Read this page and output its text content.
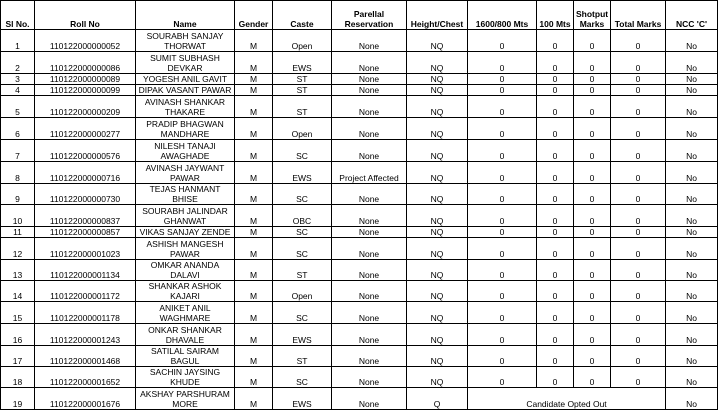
Sl No.	Roll No	Name	Gender	Caste	Parellal Reservation	Height/Chest	1600/800 Mts	100 Mts	Shotput Marks	Total Marks	NCC 'C'
1	110122000000052	SOURABH SANJAY THORWAT	M	Open	None	NQ	0	0	0	0	No
2	110122000000086	SUMIT SUBHASH DEVKAR	M	EWS	None	NQ	0	0	0	0	No
3	110122000000089	YOGESH ANIL GAVIT	M	ST	None	NQ	0	0	0	0	No
4	110122000000099	DIPAK VASANT PAWAR	M	ST	None	NQ	0	0	0	0	No
5	110122000000209	AVINASH SHANKAR THAKARE	M	ST	None	NQ	0	0	0	0	No
6	110122000000277	PRADIP BHAGWAN MANDHARE	M	Open	None	NQ	0	0	0	0	No
7	110122000000576	NILESH TANAJI AWAGHADE	M	SC	None	NQ	0	0	0	0	No
8	110122000000716	AVINASH JAYWANT PAWAR	M	EWS	Project Affected	NQ	0	0	0	0	No
9	110122000000730	TEJAS HANMANT BHISE	M	SC	None	NQ	0	0	0	0	No
10	110122000000837	SOURABH JALINDAR GHANWAT	M	OBC	None	NQ	0	0	0	0	No
11	110122000000857	VIKAS SANJAY ZENDE	M	SC	None	NQ	0	0	0	0	No
12	110122000001023	ASHISH MANGESH PAWAR	M	SC	None	NQ	0	0	0	0	No
13	110122000001134	OMKAR ANANDA DALAVI	M	ST	None	NQ	0	0	0	0	No
14	110122000001172	SHANKAR ASHOK KAJARI	M	Open	None	NQ	0	0	0	0	No
15	110122000001178	ANIKET ANIL WAGHMARE	M	SC	None	NQ	0	0	0	0	No
16	110122000001243	ONKAR SHANKAR DHAVALE	M	EWS	None	NQ	0	0	0	0	No
17	110122000001468	SATILAL SAIRAM BAGUL	M	ST	None	NQ	0	0	0	0	No
18	110122000001652	SACHIN JAYSING KHUDE	M	SC	None	NQ	0	0	0	0	No
19	110122000001676	AKSHAY PARSHURAM MORE	M	EWS	None	Q	Candidate Opted Out				No
